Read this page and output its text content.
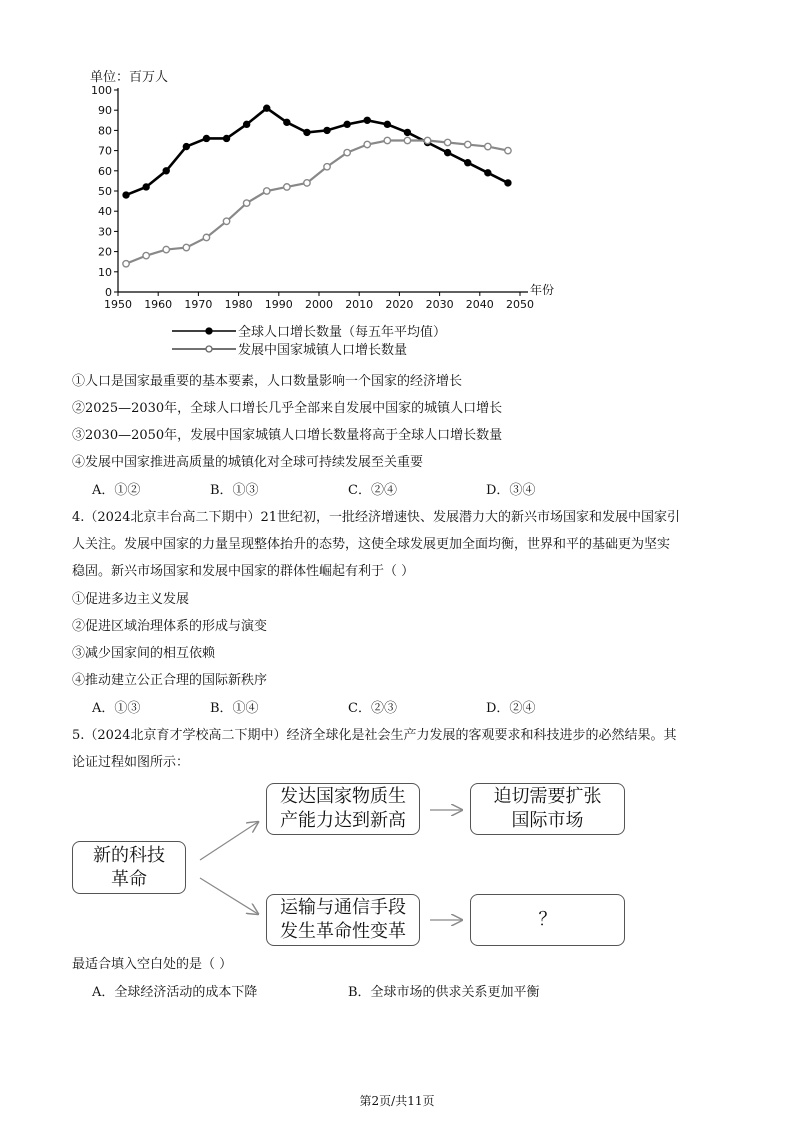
单位：百万人
0
10
20
30
40
50
60
70
80
90
100
1950 1960 1970 1980 1990 2000 2010 2020 2030 2040 2050
年份
全球人口增长数量（每五年平均值）
发展中国家城镇人口增长数量
①人口是国家最重要的基本要素，人口数量影响一个国家的经济增长
②2025—2030年，全球人口增长几乎全部来自发展中国家的城镇人口增长
③2030—2050年，发展中国家城镇人口增长数量将高于全球人口增长数量
④发展中国家推进高质量的城镇化对全球可持续发展至关重要
A．①②	B．①③	C．②④	D．③④
4.（2024北京丰台高二下期中）21世纪初，一批经济增速快、发展潜力大的新兴市场国家和发展中国家引
人关注。发展中国家的力量呈现整体抬升的态势，这使全球发展更加全面均衡，世界和平的基础更为坚实
稳固。新兴市场国家和发展中国家的群体性崛起有利于（ ）
①促进多边主义发展
②促进区域治理体系的形成与演变
③减少国家间的相互依赖
④推动建立公正合理的国际新秩序
A．①③	B．①④	C．②③	D．②④
5.（2024北京育才学校高二下期中）经济全球化是社会生产力发展的客观要求和科技进步的必然结果。其
论证过程如图所示：
新的科技
革命
发达国家物质生
产能力达到新高
迫切需要扩张
国际市场
运输与通信手段
发生革命性变革
？
最适合填入空白处的是（ ）
A．全球经济活动的成本下降	B．全球市场的供求关系更加平衡
第2页/共11页
